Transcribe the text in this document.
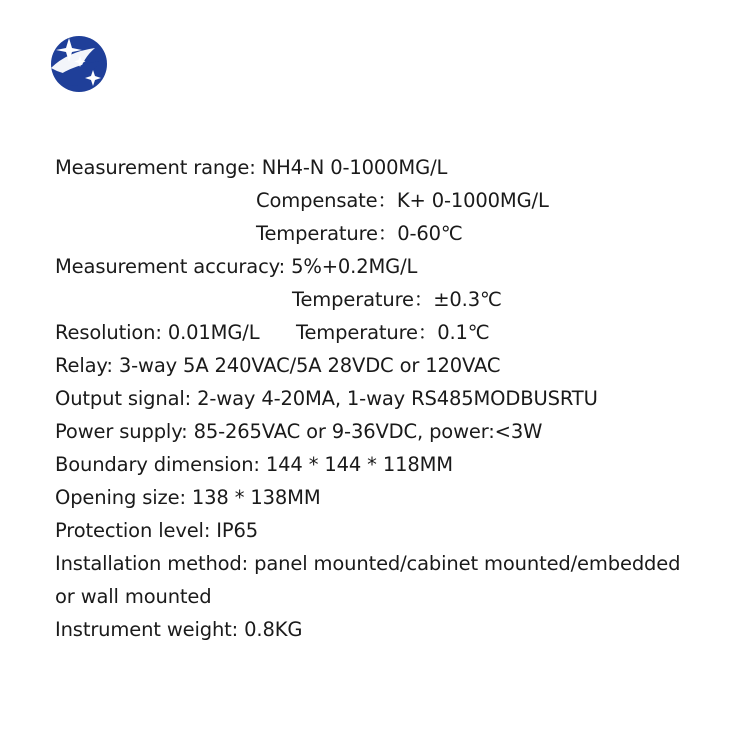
Measurement range: NH4-N 0-1000MG/L
Compensate：K+ 0-1000MG/L
Temperature：0-60℃
Measurement accuracy: 5%+0.2MG/L
Temperature：±0.3℃
Resolution: 0.01MG/L Temperature：0.1℃
Relay: 3-way 5A 240VAC/5A 28VDC or 120VAC
Output signal: 2-way 4-20MA, 1-way RS485MODBUSRTU
Power supply: 85-265VAC or 9-36VDC, power:<3W
Boundary dimension: 144 * 144 * 118MM
Opening size: 138 * 138MM
Protection level: IP65
Installation method: panel mounted/cabinet mounted/embedded
or wall mounted
Instrument weight: 0.8KG
